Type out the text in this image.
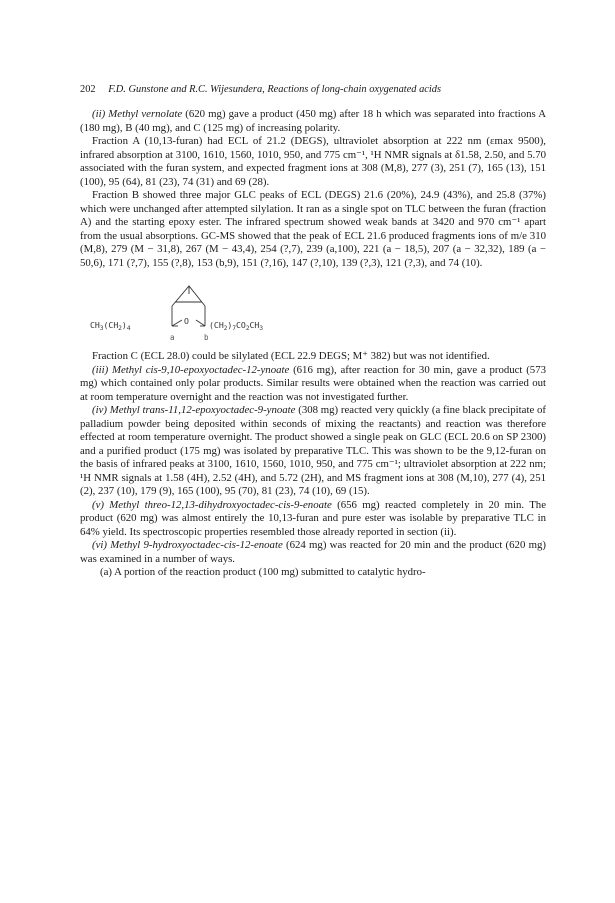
202 F.D. Gunstone and R.C. Wijesundera, Reactions of long-chain oxygenated acids

(ii) Methyl vernolate (620 mg) gave a product (450 mg) after 18 h which was separated into fractions A (180 mg), B (40 mg), and C (125 mg) of increasing polarity.

Fraction A (10,13-furan) had ECL of 21.2 (DEGS), ultraviolet absorption at 222 nm (εmax 9500), infrared absorption at 3100, 1610, 1560, 1010, 950, and 775 cm⁻¹, ¹H NMR signals at δ1.58, 2.50, and 5.70 associated with the furan system, and expected fragment ions at 308 (M,8), 277 (3), 251 (7), 165 (13), 151 (100), 95 (64), 81 (23), 74 (31) and 69 (28).

Fraction B showed three major GLC peaks of ECL (DEGS) 21.6 (20%), 24.9 (43%), and 25.8 (37%) which were unchanged after attempted silylation. It ran as a single spot on TLC between the furan (fraction A) and the starting epoxy ester. The infrared spectrum showed weak bands at 3420 and 970 cm⁻¹ apart from the usual absorptions. GC-MS showed that the peak of ECL 21.6 produced fragments ions of m/e 310 (M,8), 279 (M − 31,8), 267 (M − 43,4), 254 (?,7), 239 (a,100), 221 (a − 18,5), 207 (a − 32,32), 189 (a − 50,6), 171 (?,7), 155 (?,8), 153 (b,9), 151 (?,16), 147 (?,10), 139 (?,3), 121 (?,3), and 74 (10).

$CH_3(CH_2)_4$
O $(CH_2)_7CO_2CH_3$
a	b

Fraction C (ECL 28.0) could be silylated (ECL 22.9 DEGS; M⁺ 382) but was not identified.

(iii) Methyl cis-9,10-epoxyoctadec-12-ynoate (616 mg), after reaction for 30 min, gave a product (573 mg) which contained only polar products. Similar results were obtained when the reaction was carried out at room temperature overnight and the reaction was not investigated further.

(iv) Methyl trans-11,12-epoxyoctadec-9-ynoate (308 mg) reacted very quickly (a fine black precipitate of palladium powder being deposited within seconds of mixing the reactants) and reaction was therefore effected at room temperature overnight. The product showed a single peak on GLC (ECL 20.6 on SP 2300) and a purified product (175 mg) was isolated by preparative TLC. This was shown to be the 9,12-furan on the basis of infrared peaks at 3100, 1610, 1560, 1010, 950, and 775 cm⁻¹; ultraviolet absorption at 222 nm; ¹H NMR signals at 1.58 (4H), 2.52 (4H), and 5.72 (2H), and MS fragment ions at 308 (M,10), 277 (4), 251 (2), 237 (10), 179 (9), 165 (100), 95 (70), 81 (23), 74 (10), 69 (15).

(v) Methyl threo-12,13-dihydroxyoctadec-cis-9-enoate (656 mg) reacted completely in 20 min. The product (620 mg) was almost entirely the 10,13-furan and pure ester was isolable by preparative TLC in 64% yield. Its spectroscopic properties resembled those already reported in section (ii).

(vi) Methyl 9-hydroxyoctadec-cis-12-enoate (624 mg) was reacted for 20 min and the product (620 mg) was examined in a number of ways.

(a) A portion of the reaction product (100 mg) submitted to catalytic hydro-
